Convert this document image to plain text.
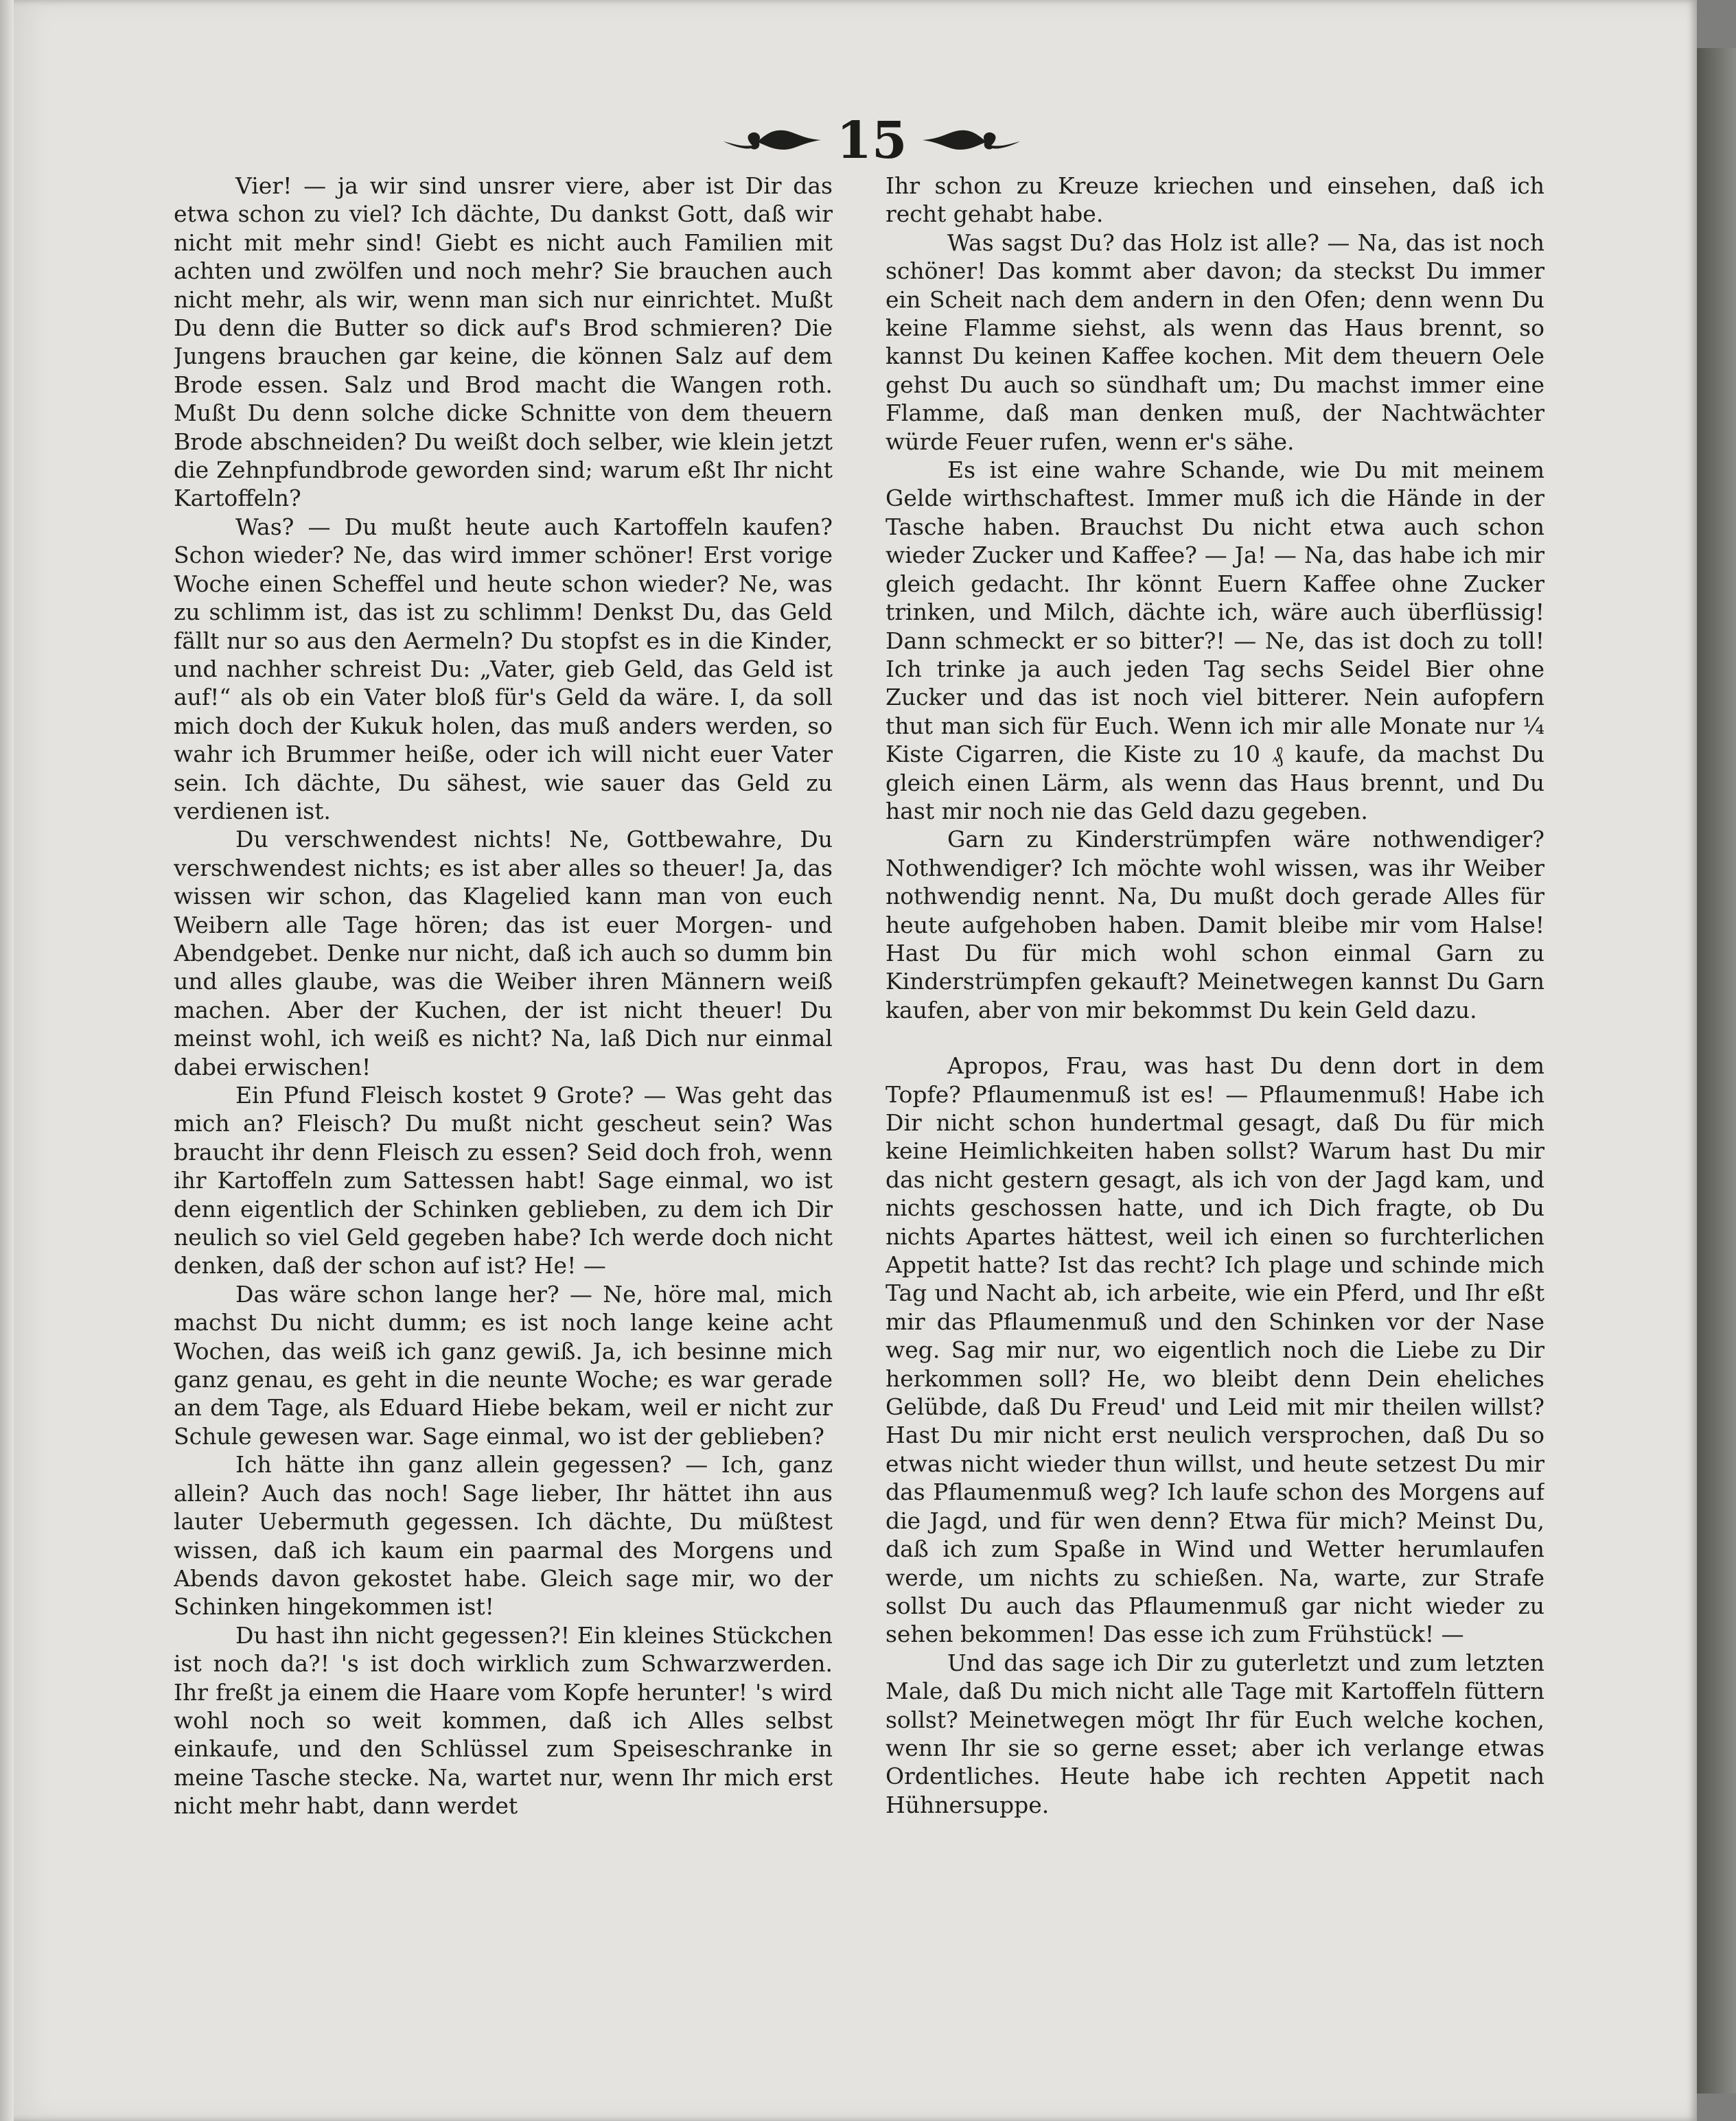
15

Vier! — ja wir sind unsrer viere, aber ist Dir das etwa schon zu viel? Ich dächte, Du dankst Gott, daß wir nicht mit mehr sind! Giebt es nicht auch Familien mit achten und zwölfen und noch mehr? Sie brauchen auch nicht mehr, als wir, wenn man sich nur einrichtet. Mußt Du denn die Butter so dick auf's Brod schmieren? Die Jungens brauchen gar keine, die können Salz auf dem Brode essen. Salz und Brod macht die Wangen roth. Mußt Du denn solche dicke Schnitte von dem theuern Brode abschneiden? Du weißt doch selber, wie klein jetzt die Zehnpfundbrode geworden sind; warum eßt Ihr nicht Kartoffeln?

Was? — Du mußt heute auch Kartoffeln kaufen? Schon wieder? Ne, das wird immer schöner! Erst vorige Woche einen Scheffel und heute schon wieder? Ne, was zu schlimm ist, das ist zu schlimm! Denkst Du, das Geld fällt nur so aus den Aermeln? Du stopfst es in die Kinder, und nachher schreist Du: „Vater, gieb Geld, das Geld ist auf!“ als ob ein Vater bloß für's Geld da wäre. I, da soll mich doch der Kukuk holen, das muß anders werden, so wahr ich Brummer heiße, oder ich will nicht euer Vater sein. Ich dächte, Du sähest, wie sauer das Geld zu verdienen ist.

Du verschwendest nichts! Ne, Gottbewahre, Du verschwendest nichts; es ist aber alles so theuer! Ja, das wissen wir schon, das Klagelied kann man von euch Weibern alle Tage hören; das ist euer Morgen- und Abendgebet. Denke nur nicht, daß ich auch so dumm bin und alles glaube, was die Weiber ihren Männern weiß machen. Aber der Kuchen, der ist nicht theuer! Du meinst wohl, ich weiß es nicht? Na, laß Dich nur einmal dabei erwischen!

Ein Pfund Fleisch kostet 9 Grote? — Was geht das mich an? Fleisch? Du mußt nicht gescheut sein? Was braucht ihr denn Fleisch zu essen? Seid doch froh, wenn ihr Kartoffeln zum Sattessen habt! Sage einmal, wo ist denn eigentlich der Schinken geblieben, zu dem ich Dir neulich so viel Geld gegeben habe? Ich werde doch nicht denken, daß der schon auf ist? He! —

Das wäre schon lange her? — Ne, höre mal, mich machst Du nicht dumm; es ist noch lange keine acht Wochen, das weiß ich ganz gewiß. Ja, ich besinne mich ganz genau, es geht in die neunte Woche; es war gerade an dem Tage, als Eduard Hiebe bekam, weil er nicht zur Schule gewesen war. Sage einmal, wo ist der geblieben?

Ich hätte ihn ganz allein gegessen? — Ich, ganz allein? Auch das noch! Sage lieber, Ihr hättet ihn aus lauter Uebermuth gegessen. Ich dächte, Du müßtest wissen, daß ich kaum ein paarmal des Morgens und Abends davon gekostet habe. Gleich sage mir, wo der Schinken hingekommen ist!

Du hast ihn nicht gegessen?! Ein kleines Stückchen ist noch da?! 's ist doch wirklich zum Schwarzwerden. Ihr freßt ja einem die Haare vom Kopfe herunter! 's wird wohl noch so weit kommen, daß ich Alles selbst einkaufe, und den Schlüssel zum Speiseschranke in meine Tasche stecke. Na, wartet nur, wenn Ihr mich erst nicht mehr habt, dann werdet

Ihr schon zu Kreuze kriechen und einsehen, daß ich recht gehabt habe.

Was sagst Du? das Holz ist alle? — Na, das ist noch schöner! Das kommt aber davon; da steckst Du immer ein Scheit nach dem andern in den Ofen; denn wenn Du keine Flamme siehst, als wenn das Haus brennt, so kannst Du keinen Kaffee kochen. Mit dem theuern Oele gehst Du auch so sündhaft um; Du machst immer eine Flamme, daß man denken muß, der Nachtwächter würde Feuer rufen, wenn er's sähe.

Es ist eine wahre Schande, wie Du mit meinem Gelde wirthschaftest. Immer muß ich die Hände in der Tasche haben. Brauchst Du nicht etwa auch schon wieder Zucker und Kaffee? — Ja! — Na, das habe ich mir gleich gedacht. Ihr könnt Euern Kaffee ohne Zucker trinken, und Milch, dächte ich, wäre auch überflüssig! Dann schmeckt er so bitter?! — Ne, das ist doch zu toll! Ich trinke ja auch jeden Tag sechs Seidel Bier ohne Zucker und das ist noch viel bitterer. Nein aufopfern thut man sich für Euch. Wenn ich mir alle Monate nur ¼ Kiste Cigarren, die Kiste zu 10 ₰ kaufe, da machst Du gleich einen Lärm, als wenn das Haus brennt, und Du hast mir noch nie das Geld dazu gegeben.

Garn zu Kinderstrümpfen wäre nothwendiger? Nothwendiger? Ich möchte wohl wissen, was ihr Weiber nothwendig nennt. Na, Du mußt doch gerade Alles für heute aufgehoben haben. Damit bleibe mir vom Halse! Hast Du für mich wohl schon einmal Garn zu Kinderstrümpfen gekauft? Meinetwegen kannst Du Garn kaufen, aber von mir bekommst Du kein Geld dazu.

Apropos, Frau, was hast Du denn dort in dem Topfe? Pflaumenmuß ist es! — Pflaumenmuß! Habe ich Dir nicht schon hundertmal gesagt, daß Du für mich keine Heimlichkeiten haben sollst? Warum hast Du mir das nicht gestern gesagt, als ich von der Jagd kam, und nichts geschossen hatte, und ich Dich fragte, ob Du nichts Apartes hättest, weil ich einen so furchterlichen Appetit hatte? Ist das recht? Ich plage und schinde mich Tag und Nacht ab, ich arbeite, wie ein Pferd, und Ihr eßt mir das Pflaumenmuß und den Schinken vor der Nase weg. Sag mir nur, wo eigentlich noch die Liebe zu Dir herkommen soll? He, wo bleibt denn Dein eheliches Gelübde, daß Du Freud' und Leid mit mir theilen willst? Hast Du mir nicht erst neulich versprochen, daß Du so etwas nicht wieder thun willst, und heute setzest Du mir das Pflaumenmuß weg? Ich laufe schon des Morgens auf die Jagd, und für wen denn? Etwa für mich? Meinst Du, daß ich zum Spaße in Wind und Wetter herumlaufen werde, um nichts zu schießen. Na, warte, zur Strafe sollst Du auch das Pflaumenmuß gar nicht wieder zu sehen bekommen! Das esse ich zum Frühstück! —

Und das sage ich Dir zu guterletzt und zum letzten Male, daß Du mich nicht alle Tage mit Kartoffeln füttern sollst? Meinetwegen mögt Ihr für Euch welche kochen, wenn Ihr sie so gerne esset; aber ich verlange etwas Ordentliches. Heute habe ich rechten Appetit nach Hühnersuppe.
